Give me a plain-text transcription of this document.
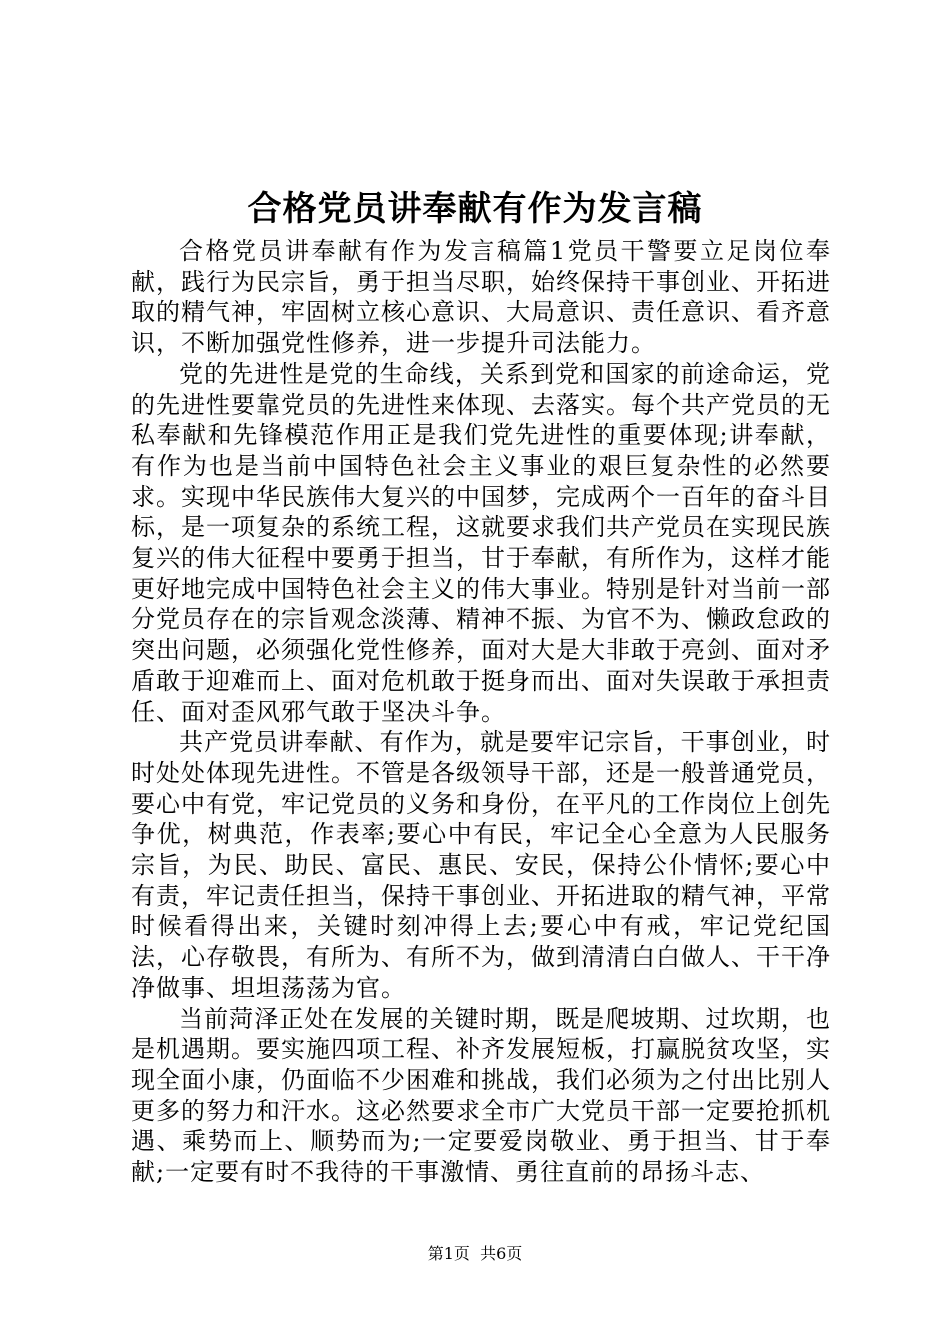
合格党员讲奉献有作为发言稿

合格党员讲奉献有作为发言稿篇1党员干警要立足岗位奉献，践行为民宗旨，勇于担当尽职，始终保持干事创业、开拓进取的精气神，牢固树立核心意识、大局意识、责任意识、看齐意识，不断加强党性修养，进一步提升司法能力。

党的先进性是党的生命线，关系到党和国家的前途命运，党的先进性要靠党员的先进性来体现、去落实。每个共产党员的无私奉献和先锋模范作用正是我们党先进性的重要体现;讲奉献，有作为也是当前中国特色社会主义事业的艰巨复杂性的必然要求。实现中华民族伟大复兴的中国梦，完成两个一百年的奋斗目标，是一项复杂的系统工程，这就要求我们共产党员在实现民族复兴的伟大征程中要勇于担当，甘于奉献，有所作为，这样才能更好地完成中国特色社会主义的伟大事业。特别是针对当前一部分党员存在的宗旨观念淡薄、精神不振、为官不为、懒政怠政的突出问题，必须强化党性修养，面对大是大非敢于亮剑、面对矛盾敢于迎难而上、面对危机敢于挺身而出、面对失误敢于承担责任、面对歪风邪气敢于坚决斗争。

共产党员讲奉献、有作为，就是要牢记宗旨，干事创业，时时处处体现先进性。不管是各级领导干部，还是一般普通党员，要心中有党，牢记党员的义务和身份，在平凡的工作岗位上创先争优，树典范，作表率;要心中有民，牢记全心全意为人民服务宗旨，为民、助民、富民、惠民、安民，保持公仆情怀;要心中有责，牢记责任担当，保持干事创业、开拓进取的精气神，平常时候看得出来，关键时刻冲得上去;要心中有戒，牢记党纪国法，心存敬畏，有所为、有所不为，做到清清白白做人、干干净净做事、坦坦荡荡为官。

当前菏泽正处在发展的关键时期，既是爬坡期、过坎期，也是机遇期。要实施四项工程、补齐发展短板，打赢脱贫攻坚，实现全面小康，仍面临不少困难和挑战，我们必须为之付出比别人更多的努力和汗水。这必然要求全市广大党员干部一定要抢抓机遇、乘势而上、顺势而为;一定要爱岗敬业、勇于担当、甘于奉献;一定要有时不我待的干事激情、勇往直前的昂扬斗志、

第1页 共6页
